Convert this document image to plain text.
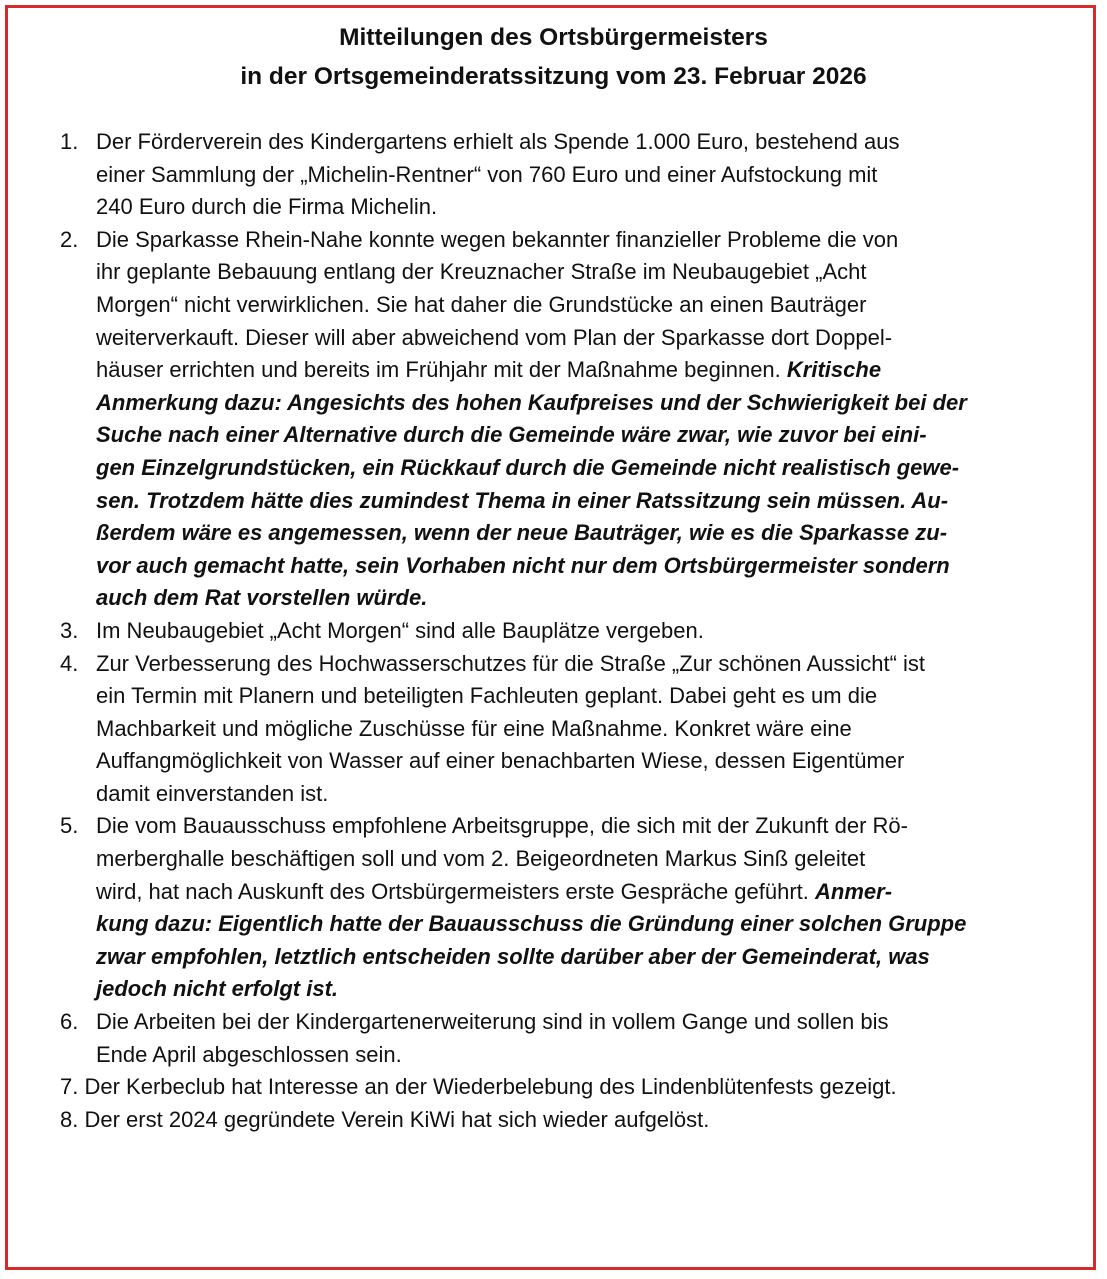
Mitteilungen des Ortsbürgermeisters
in der Ortsgemeinderatssitzung vom 23. Februar 2026
1. Der Förderverein des Kindergartens erhielt als Spende 1.000 Euro, bestehend aus
einer Sammlung der „Michelin-Rentner“ von 760 Euro und einer Aufstockung mit
240 Euro durch die Firma Michelin.
2. Die Sparkasse Rhein-Nahe konnte wegen bekannter finanzieller Probleme die von
ihr geplante Bebauung entlang der Kreuznacher Straße im Neubaugebiet „Acht
Morgen“ nicht verwirklichen. Sie hat daher die Grundstücke an einen Bauträger
weiterverkauft. Dieser will aber abweichend vom Plan der Sparkasse dort Doppel-
häuser errichten und bereits im Frühjahr mit der Maßnahme beginnen. Kritische
Anmerkung dazu: Angesichts des hohen Kaufpreises und der Schwierigkeit bei der
Suche nach einer Alternative durch die Gemeinde wäre zwar, wie zuvor bei eini-
gen Einzelgrundstücken, ein Rückkauf durch die Gemeinde nicht realistisch gewe-
sen. Trotzdem hätte dies zumindest Thema in einer Ratssitzung sein müssen. Au-
ßerdem wäre es angemessen, wenn der neue Bauträger, wie es die Sparkasse zu-
vor auch gemacht hatte, sein Vorhaben nicht nur dem Ortsbürgermeister sondern
auch dem Rat vorstellen würde.
3. Im Neubaugebiet „Acht Morgen“ sind alle Bauplätze vergeben.
4. Zur Verbesserung des Hochwasserschutzes für die Straße „Zur schönen Aussicht“ ist
ein Termin mit Planern und beteiligten Fachleuten geplant. Dabei geht es um die
Machbarkeit und mögliche Zuschüsse für eine Maßnahme. Konkret wäre eine
Auffangmöglichkeit von Wasser auf einer benachbarten Wiese, dessen Eigentümer
damit einverstanden ist.
5. Die vom Bauausschuss empfohlene Arbeitsgruppe, die sich mit der Zukunft der Rö-
merberghalle beschäftigen soll und vom 2. Beigeordneten Markus Sinß geleitet
wird, hat nach Auskunft des Ortsbürgermeisters erste Gespräche geführt. Anmer-
kung dazu: Eigentlich hatte der Bauausschuss die Gründung einer solchen Gruppe
zwar empfohlen, letztlich entscheiden sollte darüber aber der Gemeinderat, was
jedoch nicht erfolgt ist.
6. Die Arbeiten bei der Kindergartenerweiterung sind in vollem Gange und sollen bis
Ende April abgeschlossen sein.
7. Der Kerbeclub hat Interesse an der Wiederbelebung des Lindenblütenfests gezeigt.
8. Der erst 2024 gegründete Verein KiWi hat sich wieder aufgelöst.
